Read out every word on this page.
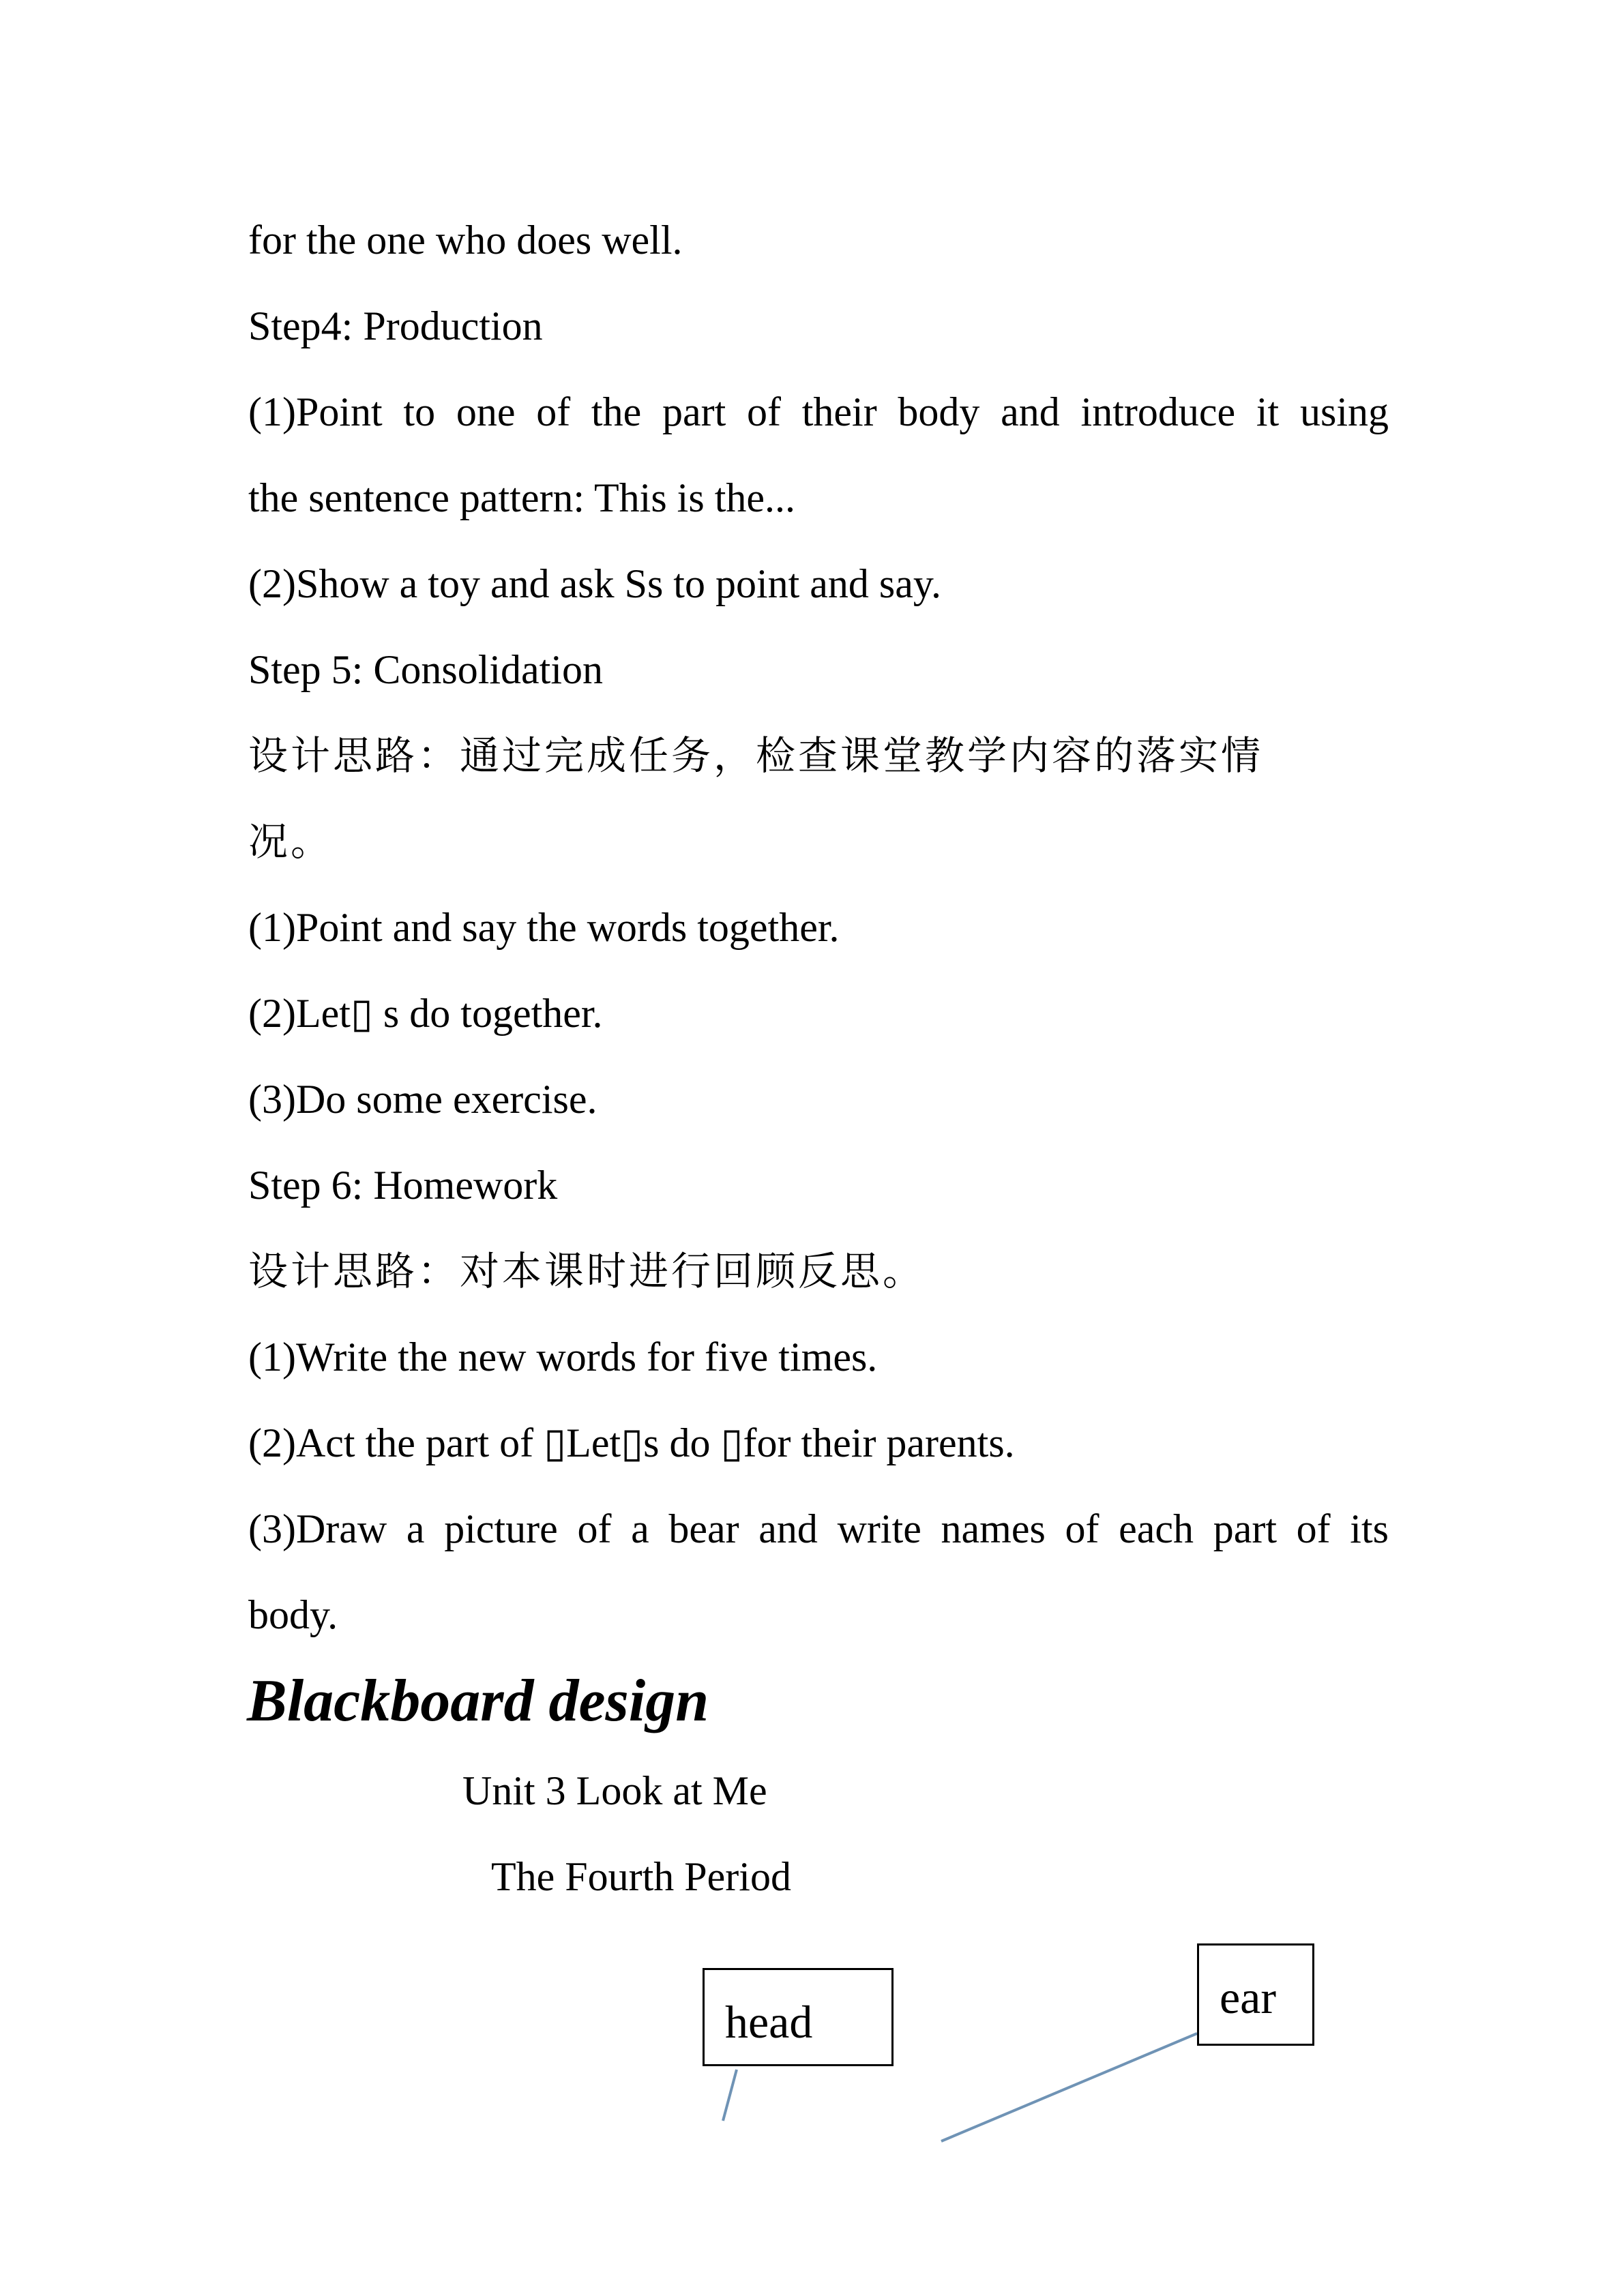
for the one who does well.
Step4: Production
(1)Point to one of the part of their body and introduce it using
the sentence pattern: This is the...
(2)Show a toy and ask Ss to point and say.
Step 5: Consolidation
设计思路：通过完成任务，检查课堂教学内容的落实情
况。
(1)Point and say the words together.
(2)Let▯ s do together.
(3)Do some exercise.
Step 6: Homework
设计思路：对本课时进行回顾反思。
(1)Write the new words for five times.
(2)Act the part of ▯Let▯s do ▯for their parents.
(3)Draw a picture of a bear and write names of each part of its
body.
Blackboard design
Unit 3 Look at Me
The Fourth Period
head	ear
